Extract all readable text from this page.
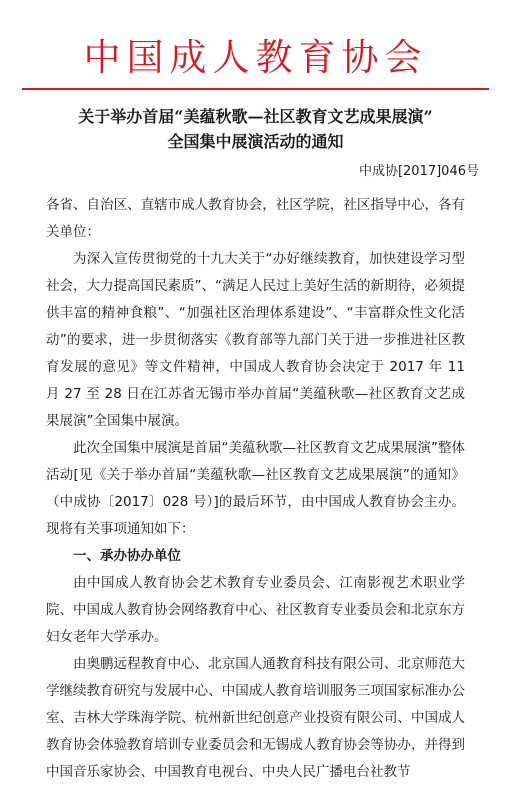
中国成人教育协会
关于举办首届“美蕴秋歌—社区教育文艺成果展演”
全国集中展演活动的通知
中成协[2017]046号

各省、自治区、直辖市成人教育协会，社区学院，社区指导中心，各有关单位：

为深入宣传贯彻党的十九大关于“办好继续教育，加快建设学习型社会，大力提高国民素质”、“满足人民过上美好生活的新期待，必须提供丰富的精神食粮”、“加强社区治理体系建设”、“丰富群众性文化活动”的要求，进一步贯彻落实《教育部等九部门关于进一步推进社区教育发展的意见》等文件精神，中国成人教育协会决定于 2017 年 11 月 27 至 28 日在江苏省无锡市举办首届“美蕴秋歌—社区教育文艺成果展演”全国集中展演。

此次全国集中展演是首届“美蕴秋歌—社区教育文艺成果展演”整体活动[见《关于举办首届“美蕴秋歌—社区教育文艺成果展演”的通知》（中成协〔2017〕028 号）]的最后环节，由中国成人教育协会主办。现将有关事项通知如下：

一、承办协办单位

由中国成人教育协会艺术教育专业委员会、江南影视艺术职业学院、中国成人教育协会网络教育中心、社区教育专业委员会和北京东方妇女老年大学承办。

由奥鹏远程教育中心、北京国人通教育科技有限公司、北京师范大学继续教育研究与发展中心、中国成人教育培训服务三项国家标准办公室、吉林大学珠海学院、杭州新世纪创意产业投资有限公司、中国成人教育协会体验教育培训专业委员会和无锡成人教育协会等协办，并得到中国音乐家协会、中国教育电视台、中央人民广播电台社教节
